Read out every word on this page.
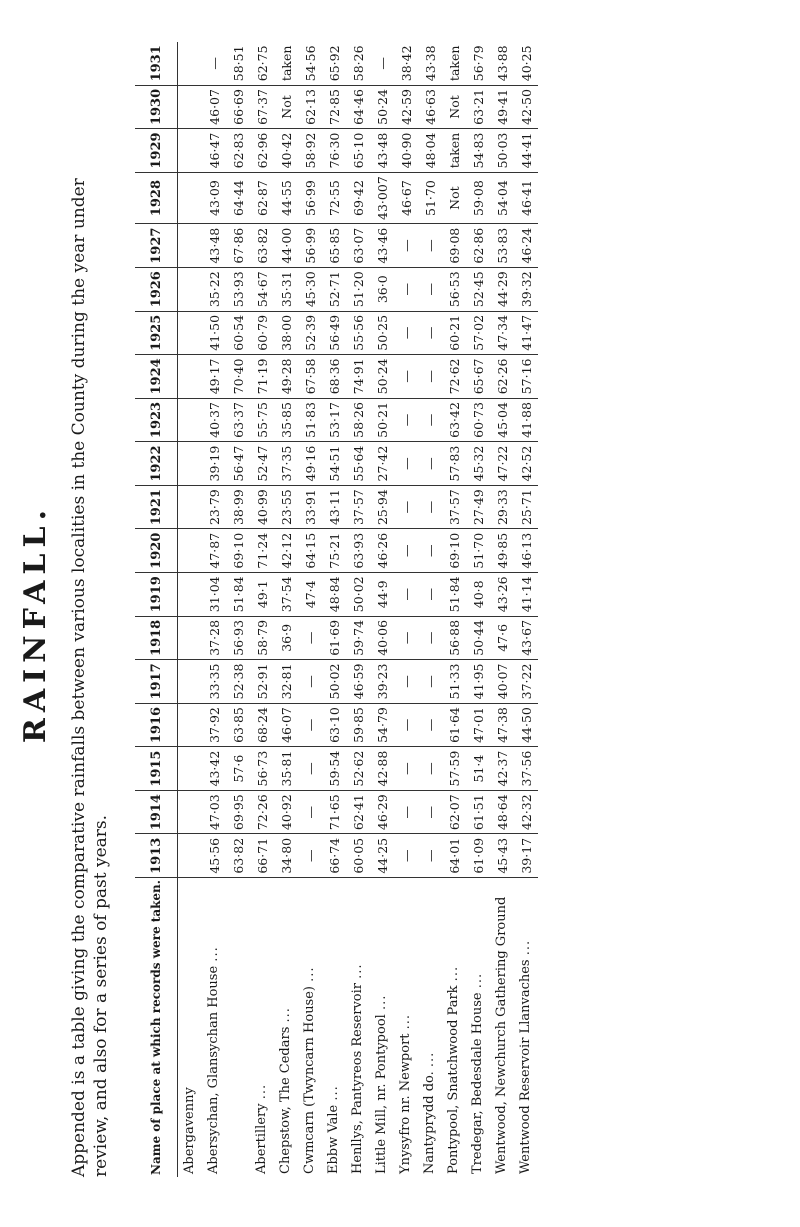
RAINFALL. Appended is a table giving the comparative rainfalls between various localities in the County during the year under review, and also for a series of past years.	Name of place at which records were taken.	1913	1914	1915	1916	1917	1918	1919	1920	1921	1922	1923	1924	1925	1926	1927	1928	1929	1930	1931
Abergavenny																			
Abersychan, Glansychan House ...	45·56	47·03	43·42	37·92	33·35	37·28	31·04	47·87	23·79	39·19	40·37	49·17	41·50	35·22	43·48	43·09	46·47	46·07	—
	63·82	69·95	57·6	63·85	52·38	56·93	51·84	69·10	38·99	56·47	63·37	70·40	60·54	53·93	67·86	64·44	62·83	66·69	58·51
Abertillery ...	66·71	72·26	56·73	68·24	52·91	58·79	49·1	71·24	40·99	52·47	55·75	71·19	60·79	54·67	63·82	62·87	62·96	67·37	62·75
Chepstow, The Cedars ...	34·80	40·92	35·81	46·07	32·81	36·9	37·54	42·12	23·55	37·35	35·85	49·28	38·00	35·31	44·00	44·55	40·42	Not	taken
Cwmcarn (Twyncarn House) ...	—	—	—	—	—	—	47·4	64·15	33·91	49·16	51·83	67·58	52·39	45·30	56·99	56·99	58·92	62·13	54·56
Ebbw Vale ...	66·74	71·65	59·54	63·10	50·02	61·69	48·84	75·21	43·11	54·51	53·17	68·36	56·49	52·71	65·85	72·55	76·30	72·85	65·92
Henllys, Pantyreos Reservoir ...	60·05	62·41	52·62	59·85	46·59	59·74	50·02	63·93	37·57	55·64	58·26	74·91	55·56	51·20	63·07	69·42	65·10	64·46	58·26
Little Mill, nr. Pontypool ...	44·25	46·29	42·88	54·79	39·23	40·06	44·9	46·26	25·94	27·42	50·21	50·24	50·25	36·0	43·46	43·007	43·48	50·24	—
Ynysyfro nr. Newport ...	—	—	—	—	—	—	—	—	—	—	—	—	—	—	—	46·67	40·90	42·59	38·42
Nantyprydd do. ...	—	—	—	—	—	—	—	—	—	—	—	—	—	—	—	51·70	48·04	46·63	43·38
Pontypool, Snatchwood Park ...	64·01	62·07	57·59	61·64	51·33	56·88	51·84	69·10	37·57	57·83	63·42	72·62	60·21	56·53	69·08	Not	taken	Not	taken
Tredegar, Bedesdale House ...	61·09	61·51	51·4	47·01	41·95	50·44	40·8	51·70	27·49	45·32	60·73	65·67	57·02	52·45	62·86	59·08	54·83	63·21	56·79
Wentwood, Newchurch Gathering Ground	45·43	48·64	42·37	47·38	40·07	47·6	43·26	49·85	29·33	47·22	45·04	62·26	47·34	44·29	53·83	54·04	50·03	49·41	43·88
Wentwood Reservoir Llanvaches ...	39·17	42·32	37·56	44·50	37·22	43·67	41·14	46·13	25·71	42·52	41·88	57·16	41·47	39·32	46·24	46·41	44·41	42·50	40·25
